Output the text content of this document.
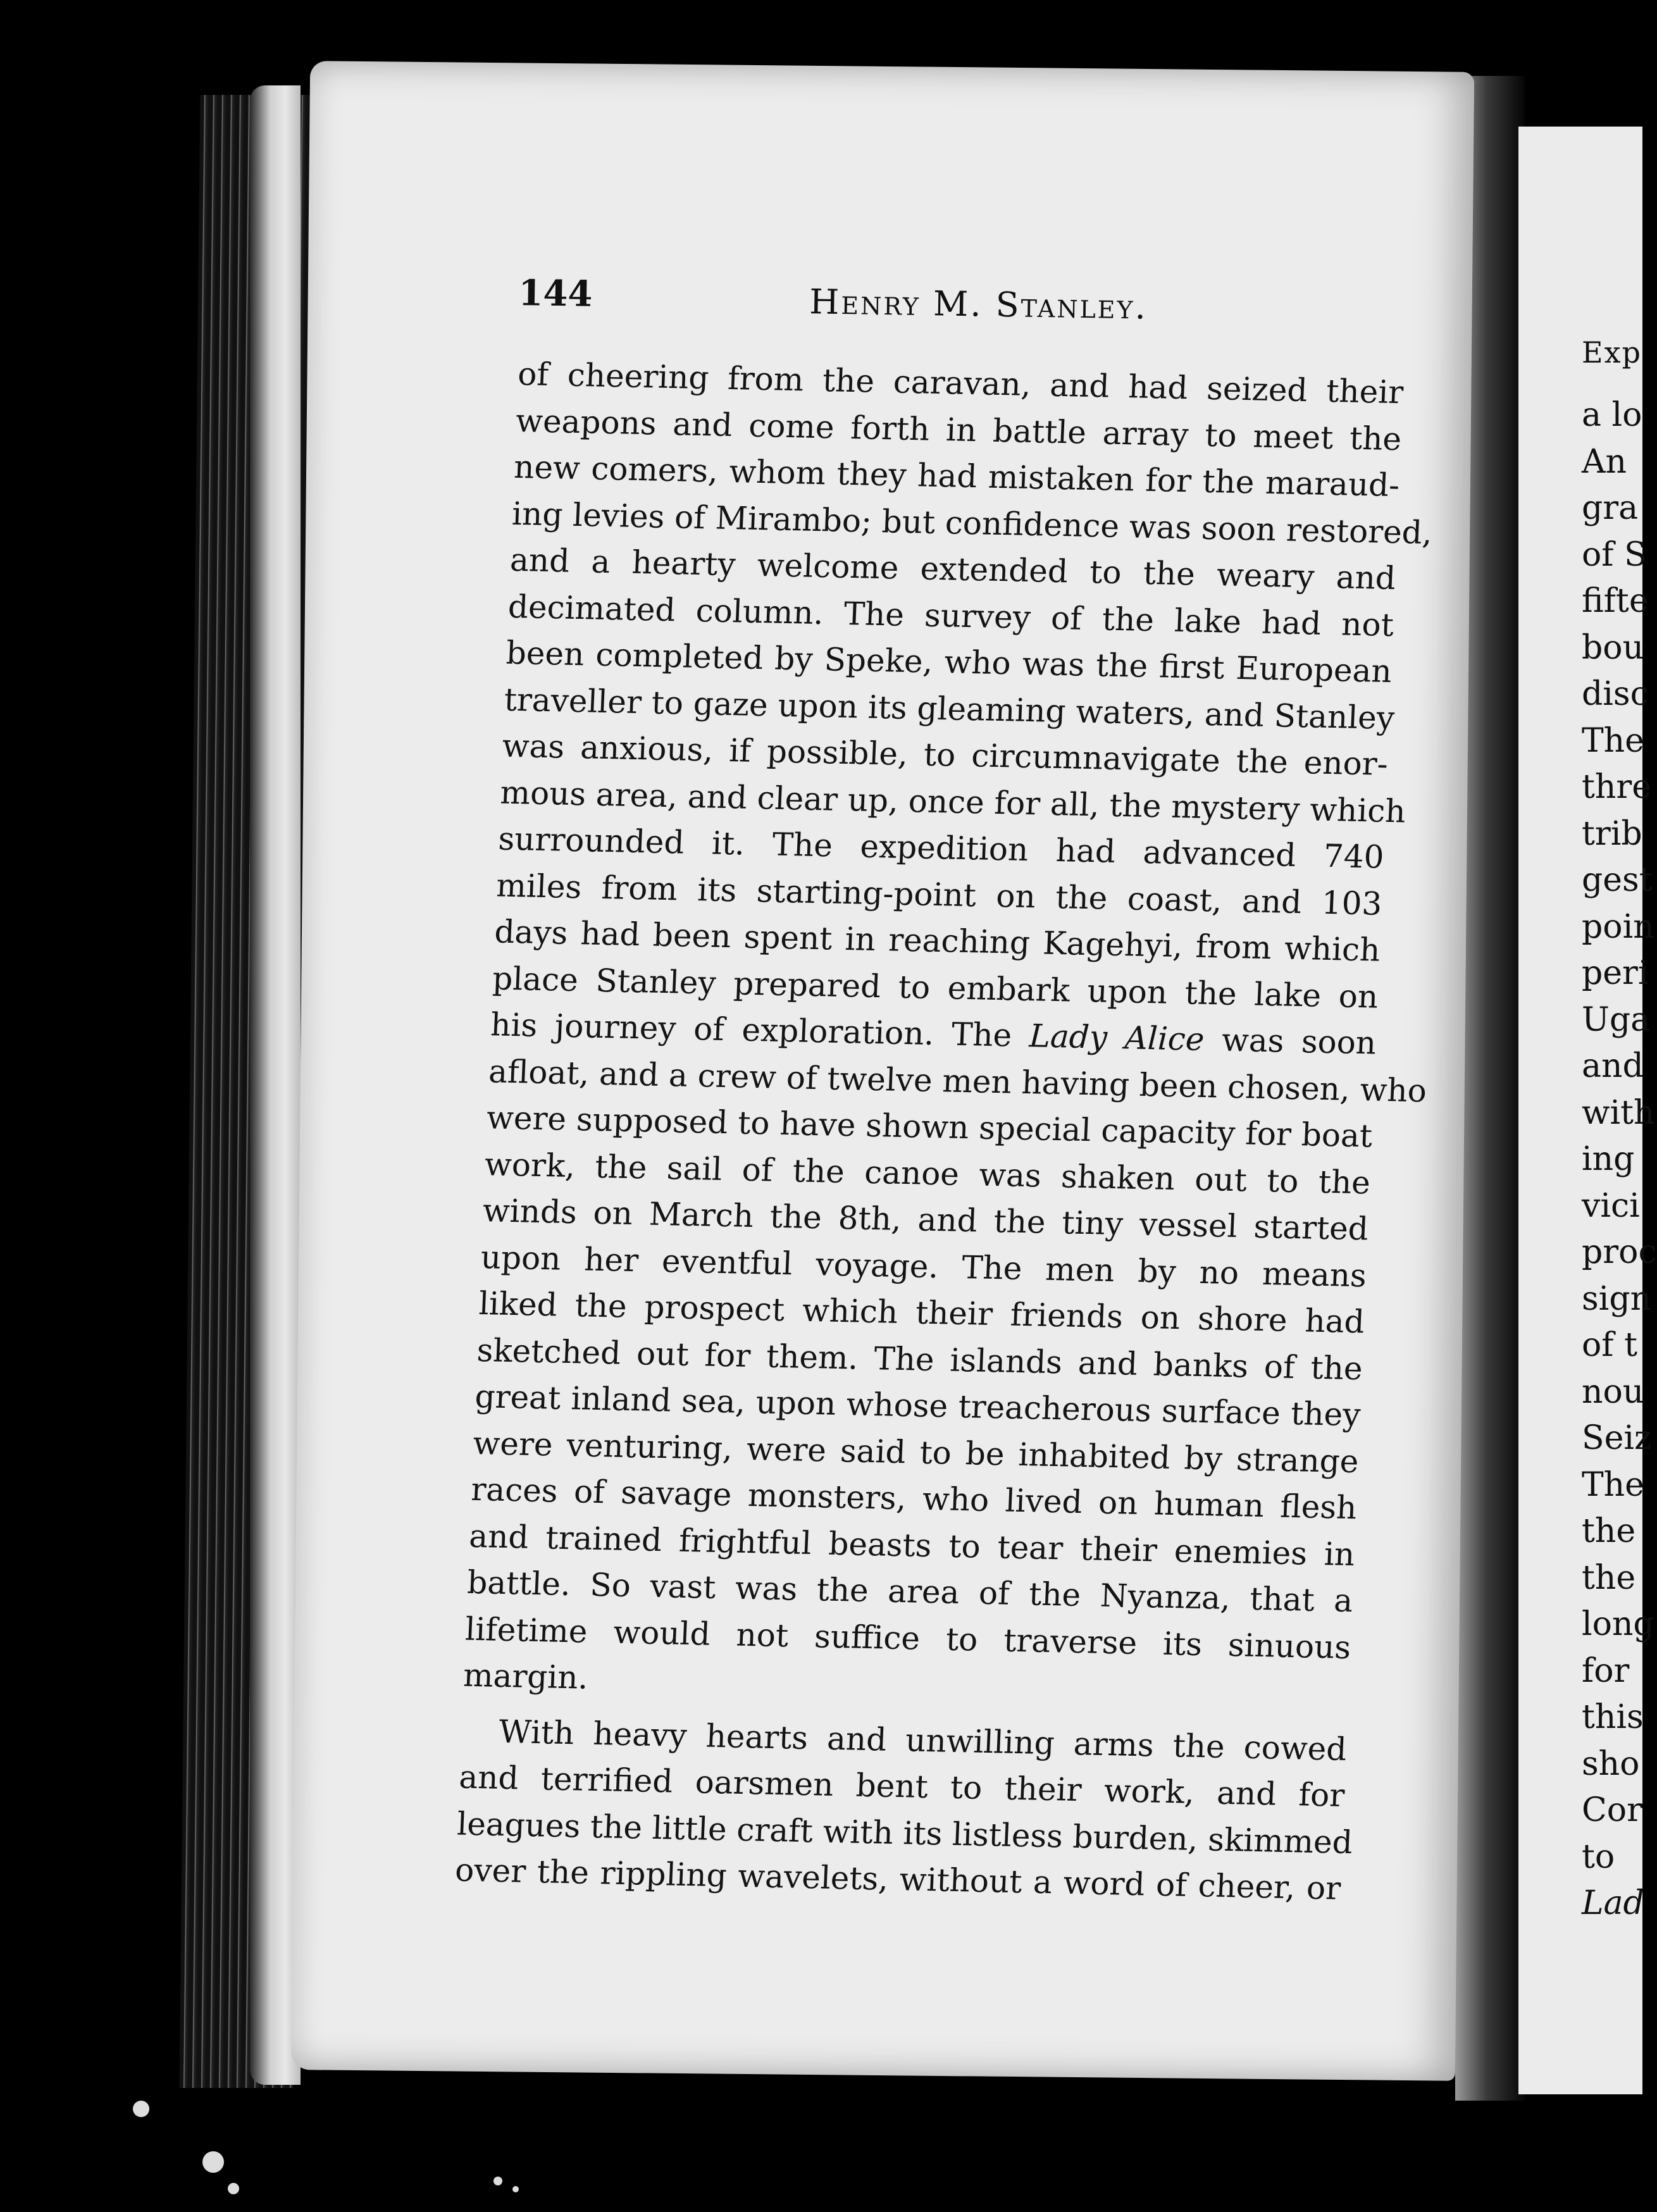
Exp
a lo
An
gra
of S
fifte
bou
disc
The
thre
trib
gest
poin
peri
Uga
and
with
ing
vici
proc
sign
of t
nou
Seiz
The
the
the
long
for
this
sho
Cor
to
Lad
144	Henry M. Stanley.
of cheering from the caravan, and had seized their
weapons and come forth in battle array to meet the
new comers, whom they had mistaken for the maraud-
ing levies of Mirambo; but confidence was soon restored,
and a hearty welcome extended to the weary and
decimated column. The survey of the lake had not
been completed by Speke, who was the first European
traveller to gaze upon its gleaming waters, and Stanley
was anxious, if possible, to circumnavigate the enor-
mous area, and clear up, once for all, the mystery which
surrounded it. The expedition had advanced 740
miles from its starting-point on the coast, and 103
days had been spent in reaching Kagehyi, from which
place Stanley prepared to embark upon the lake on
his journey of exploration. The Lady Alice was soon
afloat, and a crew of twelve men having been chosen, who
were supposed to have shown special capacity for boat
work, the sail of the canoe was shaken out to the
winds on March the 8th, and the tiny vessel started
upon her eventful voyage. The men by no means
liked the prospect which their friends on shore had
sketched out for them. The islands and banks of the
great inland sea, upon whose treacherous surface they
were venturing, were said to be inhabited by strange
races of savage monsters, who lived on human flesh
and trained frightful beasts to tear their enemies in
battle. So vast was the area of the Nyanza, that a
lifetime would not suffice to traverse its sinuous
margin.
With heavy hearts and unwilling arms the cowed
and terrified oarsmen bent to their work, and for
leagues the little craft with its listless burden, skimmed
over the rippling wavelets, without a word of cheer, or
